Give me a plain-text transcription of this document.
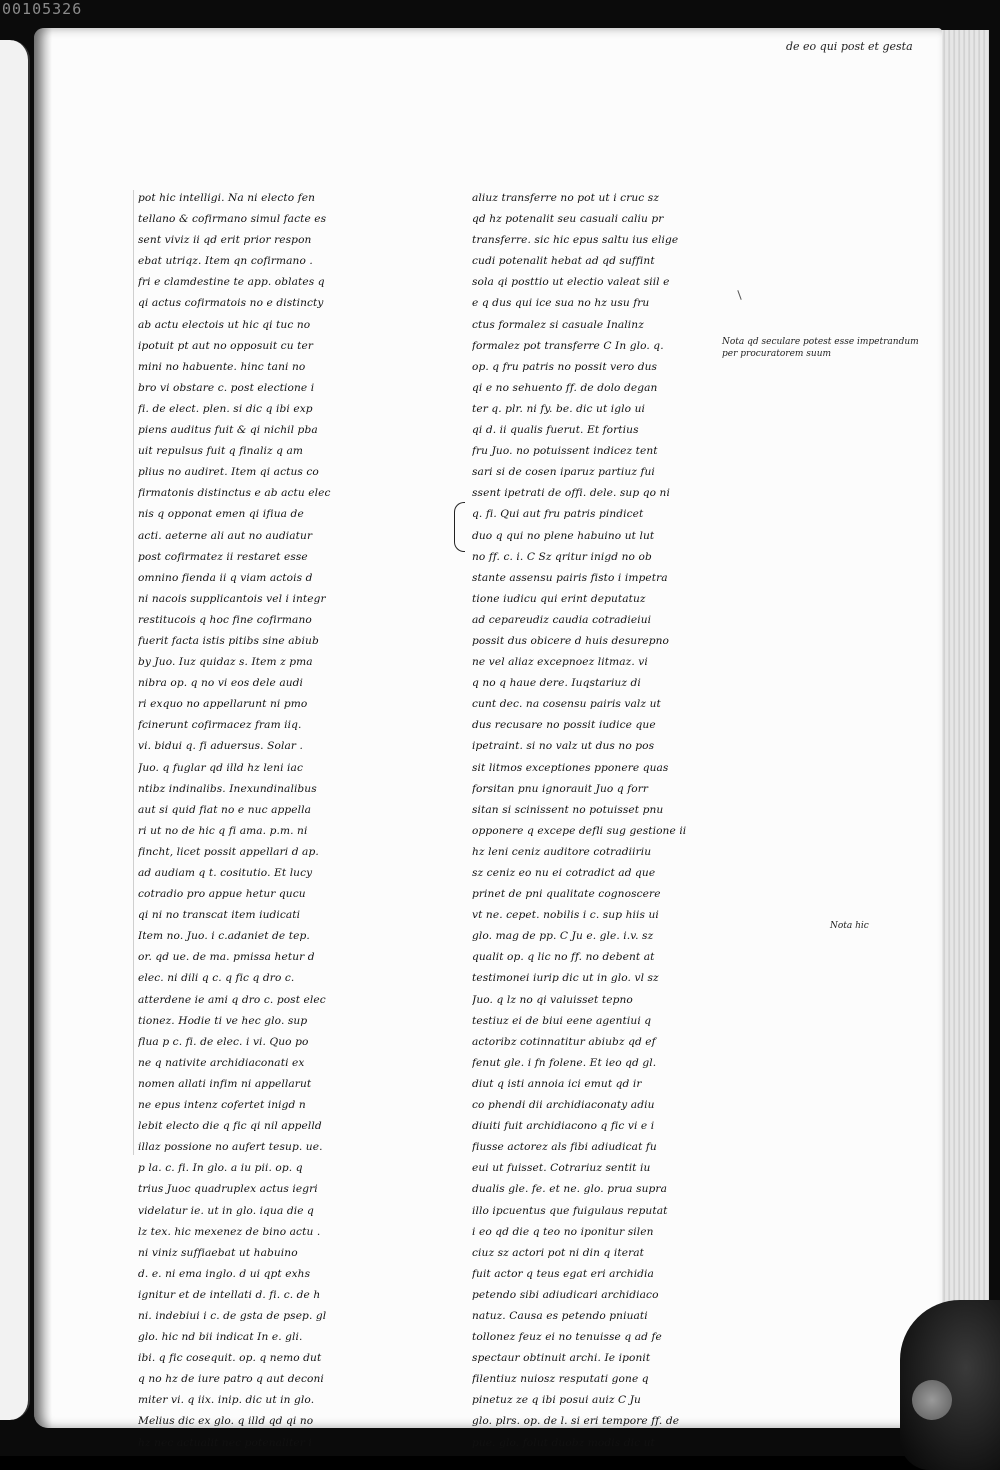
00105326
de eo qui post et gesta
pot hic intelligi. Na ni electo fen
tellano & cofirmano simul facte es
sent viviz ii qd erit prior respon
ebat utriqz. Item qn cofirmano .
fri e clamdestine te app. oblates q
qi actus cofirmatois no e distincty
ab actu electois ut hic qi tuc no
ipotuit pt aut no opposuit cu ter
mini no habuente. hinc tani no
bro vi obstare c. post electione i
fi. de elect. plen. si dic q ibi exp
piens auditus fuit & qi nichil pba
uit repulsus fuit q finaliz q am
plius no audiret. Item qi actus co
firmatonis distinctus e ab actu elec
nis q opponat emen qi ifiua de
acti. aeterne ali aut no audiatur
post cofirmatez ii restaret esse
omnino fienda ii q viam actois d
ni nacois supplicantois vel i integr
restitucois q hoc fine cofirmano
fuerit facta istis pitibs sine abiub
by Juo. Iuz quidaz s. Item z pma
nibra op. q no vi eos dele audi
ri exquo no appellarunt ni pmo
fcinerunt cofirmacez fram iiq.
vi. bidui q. fi aduersus. Solar .
Juo. q fuglar qd illd hz leni iac
ntibz indinalibs. Inexundinalibus
aut si quid fiat no e nuc appella
ri ut no de hic q fi ama. p.m. ni
fincht, licet possit appellari d ap.
ad audiam q t. cositutio. Et lucy
cotradio pro appue hetur qucu
qi ni no transcat item iudicati
Item no. Juo. i c.adaniet de tep.
or. qd ue. de ma. pmissa hetur d
elec. ni dili q c. q fic q dro c.
atterdene ie ami q dro c. post elec
tionez. Hodie ti ve hec glo. sup
flua p c. fi. de elec. i vi. Quo po
ne q nativite archidiaconati ex
nomen allati infim ni appellarut
ne epus intenz cofertet inigd n
lebit electo die q fic qi nil appelld
illaz possione no aufert tesup. ue.
p la. c. fi. In glo. a iu pii. op. q
trius Juoc quadruplex actus iegri
videlatur ie. ut in glo. iqua die q
lz tex. hic mexenez de bino actu .
ni viniz suffiaebat ut habuino
d. e. ni ema inglo. d ui qpt exhs
ignitur et de intellati d. fi. c. de h
ni. indebiui i c. de gsta de psep. gl
glo. hic nd bii indicat In e. gli.
ibi. q fic cosequit. op. q nemo dut
q no hz de iure patro q aut deconi
miter vi. q iix. inip. dic ut in glo.
Melius dic ex glo. q illd qd qi no
hz nec actualit nec potenaliter i
aliuz transferre no pot ut i cruc sz
qd hz potenalit seu casuali caliu pr
transferre. sic hic epus saltu ius elige
cudi potenalit hebat ad qd suffint
sola qi posttio ut electio valeat siil e
e q dus qui ice sua no hz usu fru
ctus formalez si casuale Inalinz
formalez pot transferre C In glo. q.
op. q fru patris no possit vero dus
qi e no sehuento ff. de dolo degan
ter q. plr. ni fy. be. dic ut iglo ui
qi d. ii qualis fuerut. Et fortius
fru Juo. no potuissent indicez tent
sari si de cosen iparuz partiuz fui
ssent ipetrati de offi. dele. sup qo ni
q. fi. Qui aut fru patris pindicet
duo q qui no plene habuino ut lut
no ff. c. i. C Sz qritur inigd no ob
stante assensu pairis fisto i impetra
tione iudicu qui erint deputatuz
ad cepareudiz caudia cotradieiui
possit dus obicere d huis desurepno
ne vel aliaz excepnoez litmaz. vi
q no q haue dere. Iuqstariuz di
cunt dec. na cosensu pairis valz ut
dus recusare no possit iudice que
ipetraint. si no valz ut dus no pos
sit litmos exceptiones pponere quas
forsitan pnu ignorauit Juo q forr
sitan si scinissent no potuisset pnu
opponere q excepe defli sug gestione ii
hz leni ceniz auditore cotradiiriu
sz ceniz eo nu ei cotradict ad que
prinet de pni qualitate cognoscere
vt ne. cepet. nobilis i c. sup hiis ui
glo. mag de pp. C Ju e. gle. i.v. sz
qualit op. q lic no ff. no debent at
testimonei iurip dic ut in glo. vl sz
Juo. q lz no qi valuisset tepno
testiuz ei de biui eene agentiui q
actoribz cotinnatitur abiubz qd ef
fenut gle. i fn folene. Et ieo qd gl.
diut q isti annoia ici emut qd ir
co phendi dii archidiaconaty adiu
diuiti fuit archidiacono q fic vi e i
fiusse actorez als fibi adiudicat fu
eui ut fuisset. Cotrariuz sentit iu
dualis gle. fe. et ne. glo. prua supra
illo ipcuentus que fuigulaus reputat
i eo qd die q teo no iponitur silen
ciuz sz actori pot ni din q iterat
fuit actor q teus egat eri archidia
petendo sibi adiudicari archidiaco
natuz. Causa es petendo pniuati
tollonez feuz ei no tenuisse q ad fe
spectaur obtinuit archi. Ie iponit
filentiuz nuiosz resputati gone q
pinetuz ze q ibi posui auiz C Ju
glo. plrs. op. de l. si eri tempore ff. de
pue. glo. folut duobz modis dic ut
Nota qd seculare potest esse impetrandum
per procuratorem suum
Nota hic
